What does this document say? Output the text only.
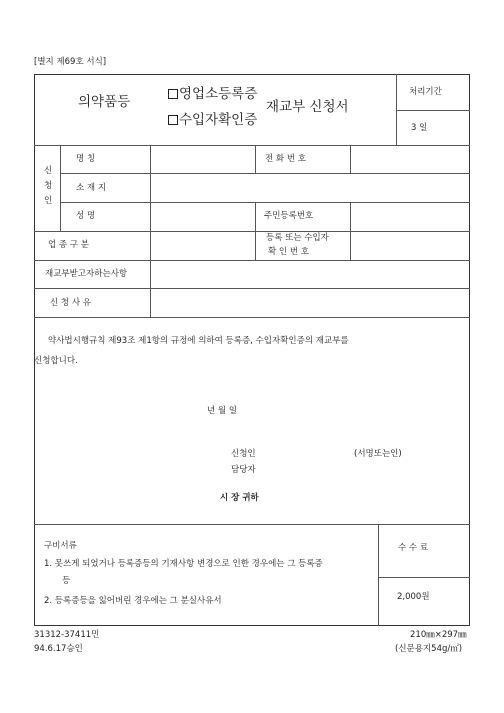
[별지 제69호 서식]
의약품등	영업소등록증
수입자확인증
재교부 신청서
처리기간
3 일
신
청
인
명 칭	전 화 번 호
소 재 지
성 명	주민등록번호
업 종 구 분
등록 또는 수입자
확 인 번 호
재교부받고자하는사항
신 청 사 유
약사법시행규칙 제93조 제1항의 규정에 의하여 등록증, 수입자확인증의 재교부를
신청합니다.
년 월 일
신청인	(서명또는인)
담당자
시 장 귀하
구비서류
1. 못쓰게 되었거나 등록증등의 기재사항 변경으로 인한 경우에는 그 등록증
등
2. 등록증등을 잃어버린 경우에는 그 분실사유서
수 수 료
2,000원
31312-37411민
94.6.17승인
210㎜×297㎜
(신문용지54g/㎡)
